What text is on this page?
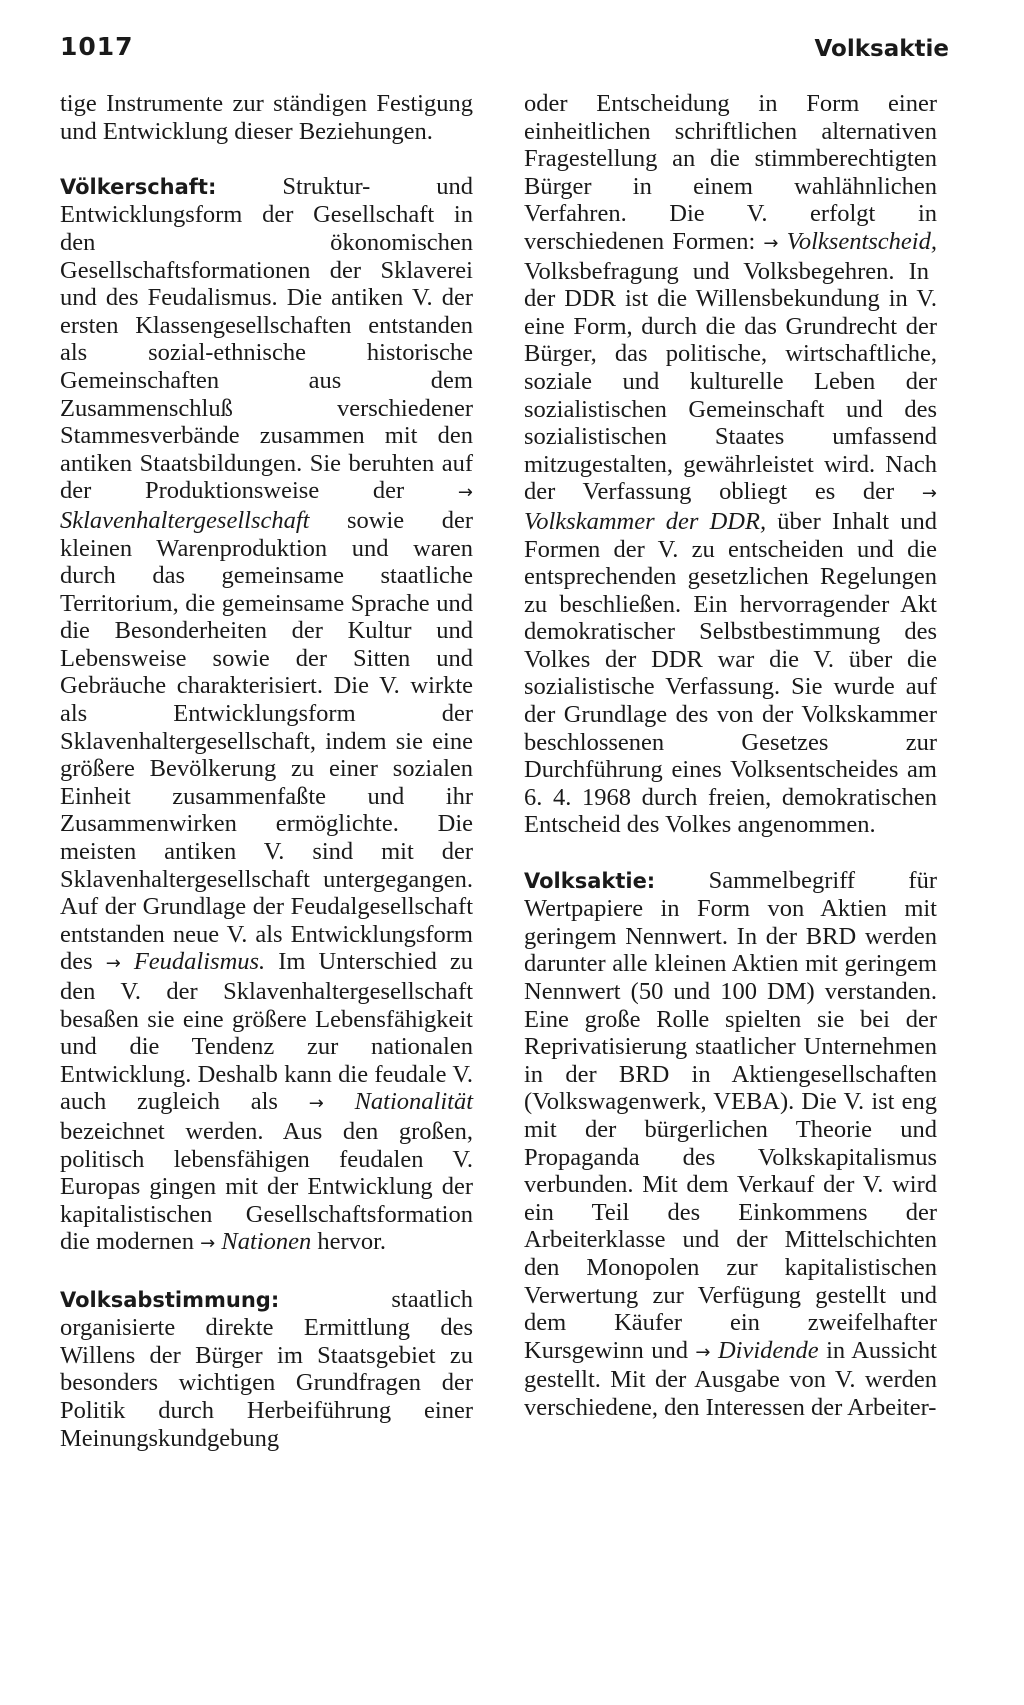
1017	Volksaktie

tige Instrumente zur ständigen Festigung und Entwicklung dieser Beziehungen.

Völkerschaft: Struktur- und Entwicklungsform der Gesellschaft in den ökonomischen Gesellschaftsformationen der Sklaverei und des Feudalismus. Die antiken V. der ersten Klassengesellschaften entstanden als sozial-ethnische historische Gemeinschaften aus dem Zusammenschluß verschiedener Stammesverbände zusammen mit den antiken Staatsbildungen. Sie beruhten auf der Produktionsweise der → Sklavenhaltergesellschaft sowie der kleinen Warenproduktion und waren durch das gemeinsame staatliche Territorium, die gemeinsame Sprache und die Besonderheiten der Kultur und Lebensweise sowie der Sitten und Gebräuche charakterisiert. Die V. wirkte als Entwicklungsform der Sklavenhaltergesellschaft, indem sie eine größere Bevölkerung zu einer sozialen Einheit zusammenfaßte und ihr Zusammenwirken ermöglichte. Die meisten antiken V. sind mit der Sklavenhaltergesellschaft untergegangen. Auf der Grundlage der Feudalgesellschaft entstanden neue V. als Entwicklungsform des → Feudalismus. Im Unterschied zu den V. der Sklavenhaltergesellschaft besaßen sie eine größere Lebensfähigkeit und die Tendenz zur nationalen Entwicklung. Deshalb kann die feudale V. auch zugleich als → Nationalität bezeichnet werden. Aus den großen, politisch lebensfähigen feudalen V. Europas gingen mit der Entwicklung der kapitalistischen Gesellschaftsformation die modernen → Nationen hervor.

Volksabstimmung: staatlich organisierte direkte Ermittlung des Willens der Bürger im Staatsgebiet zu besonders wichtigen Grundfragen der Politik durch Herbeiführung einer Meinungskundgebung

oder Entscheidung in Form einer einheitlichen schriftlichen alternativen Fragestellung an die stimmberechtigten Bürger in einem wahlähnlichen Verfahren. Die V. erfolgt in verschiedenen Formen: → Volksentscheid, Volksbefragung und Volksbegehren. In der DDR ist die Willensbekundung in V. eine Form, durch die das Grundrecht der Bürger, das politische, wirtschaftliche, soziale und kulturelle Leben der sozialistischen Gemeinschaft und des sozialistischen Staates umfassend mitzugestalten, gewährleistet wird. Nach der Verfassung obliegt es der → Volkskammer der DDR, über Inhalt und Formen der V. zu entscheiden und die entsprechenden gesetzlichen Regelungen zu beschließen. Ein hervorragender Akt demokratischer Selbstbestimmung des Volkes der DDR war die V. über die sozialistische Verfassung. Sie wurde auf der Grundlage des von der Volkskammer beschlossenen Gesetzes zur Durchführung eines Volksentscheides am 6. 4. 1968 durch freien, demokratischen Entscheid des Volkes angenommen.

Volksaktie: Sammelbegriff für Wertpapiere in Form von Aktien mit geringem Nennwert. In der BRD werden darunter alle kleinen Aktien mit geringem Nennwert (50 und 100 DM) verstanden. Eine große Rolle spielten sie bei der Reprivatisierung staatlicher Unternehmen in der BRD in Aktiengesellschaften (Volkswagenwerk, VEBA). Die V. ist eng mit der bürgerlichen Theorie und Propaganda des Volkskapitalismus verbunden. Mit dem Verkauf der V. wird ein Teil des Einkommens der Arbeiterklasse und der Mittelschichten den Monopolen zur kapitalistischen Verwertung zur Verfügung gestellt und dem Käufer ein zweifelhafter Kursgewinn und → Dividende in Aussicht gestellt. Mit der Ausgabe von V. werden verschiedene, den Interessen der Arbeiter-
